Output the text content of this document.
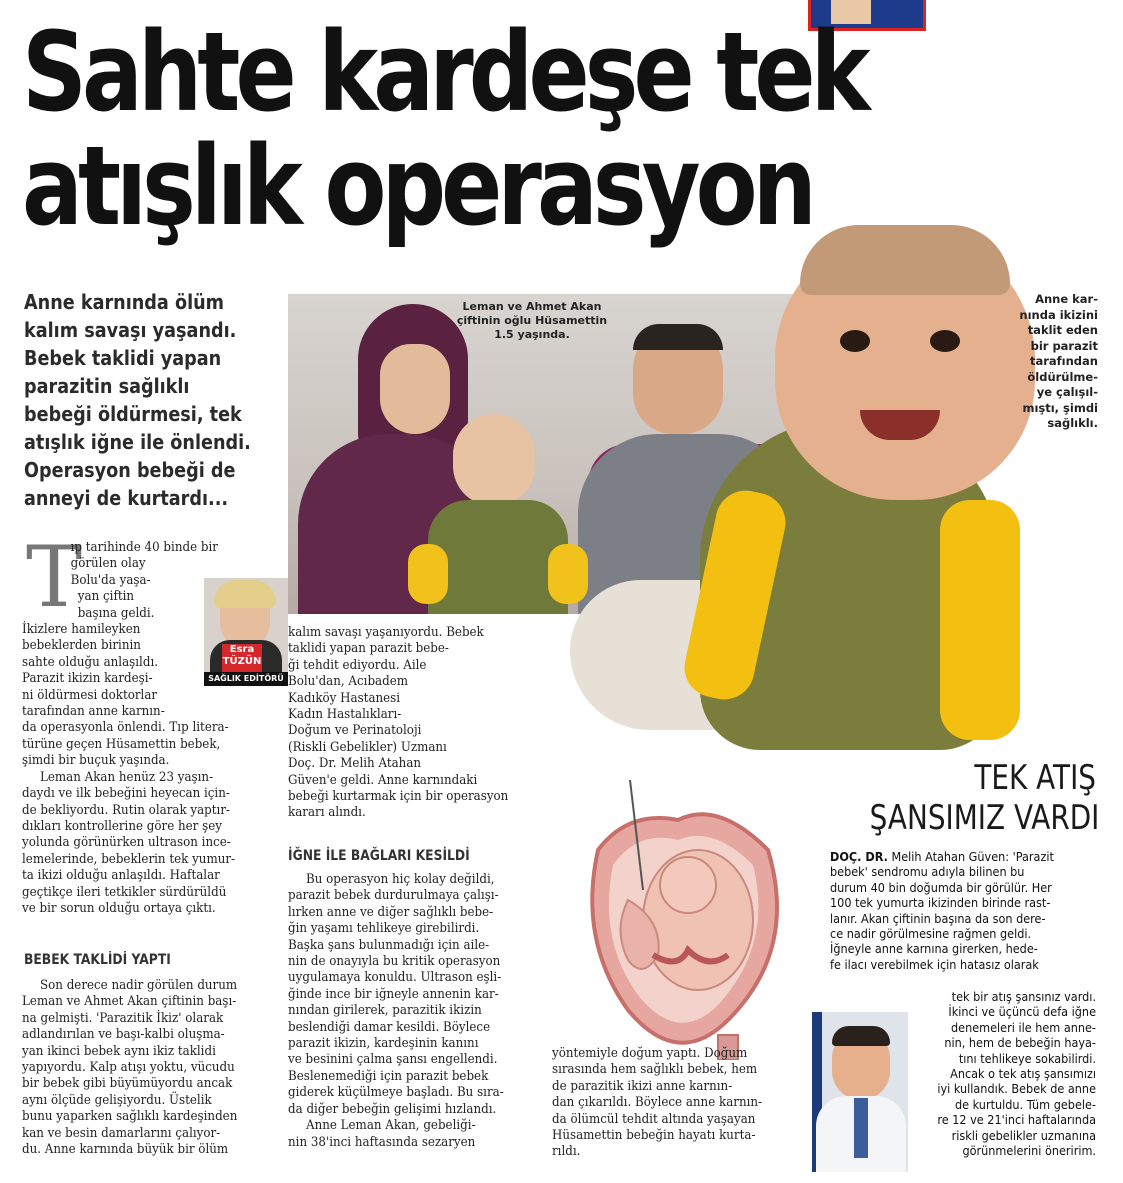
Sahte kardeşe tek
atışlık operasyon
Anne karnında ölüm
kalım savaşı yaşandı.
Bebek taklidi yapan
parazitin sağlıklı
bebeği öldürmesi, tek
atışlık iğne ile önlendi.
Operasyon bebeği de
anneyi de kurtardı...
Leman ve Ahmet Akan
çiftinin oğlu Hüsamettin
1.5 yaşında.
Anne kar-
nında ikizini
taklit eden
bir parazit
tarafından
öldürülme-
ye çalışıl-
mıştı, şimdi
sağlıklı.
Esra
TÜZÜN
SAĞLIK EDİTÖRÜ
T
ıp tarihinde 40 binde bir
görülen olay
Bolu'da yaşa-
yan çiftin
başına geldi.
İkizlere hamileyken
bebeklerden birinin
sahte olduğu anlaşıldı.
Parazit ikizin kardeşi-
ni öldürmesi doktorlar
tarafından anne karnın-
da operasyonla önlendi. Tıp litera-
türüne geçen Hüsamettin bebek,
şimdi bir buçuk yaşında.
Leman Akan henüz 23 yaşın-
daydı ve ilk bebeğini heyecan için-
de bekliyordu. Rutin olarak yaptır-
dıkları kontrollerine göre her şey
yolunda görünürken ultrason ince-
lemelerinde, bebeklerin tek yumur-
ta ikizi olduğu anlaşıldı. Haftalar
geçtikçe ileri tetkikler sürdürüldü
ve bir sorun olduğu ortaya çıktı.
BEBEK TAKLİDİ YAPTI
Son derece nadir görülen durum
Leman ve Ahmet Akan çiftinin başı-
na gelmişti. 'Parazitik İkiz' olarak
adlandırılan ve başı-kalbi oluşma-
yan ikinci bebek aynı ikiz taklidi
yapıyordu. Kalp atışı yoktu, vücudu
bir bebek gibi büyümüyordu ancak
aynı ölçüde gelişiyordu. Üstelik
bunu yaparken sağlıklı kardeşinden
kan ve besin damarlarını çalıyor-
du. Anne karnında büyük bir ölüm
kalım savaşı yaşanıyordu. Bebek
taklidi yapan parazit bebe-
ği tehdit ediyordu. Aile
Bolu'dan, Acıbadem
Kadıköy Hastanesi
Kadın Hastalıkları-
Doğum ve Perinatoloji
(Riskli Gebelikler) Uzmanı
Doç. Dr. Melih Atahan
Güven'e geldi. Anne karnındaki
bebeği kurtarmak için bir operasyon
kararı alındı.
İĞNE İLE BAĞLARI KESİLDİ
Bu operasyon hiç kolay değildi,
parazit bebek durdurulmaya çalışı-
lırken anne ve diğer sağlıklı bebe-
ğin yaşamı tehlikeye girebilirdi.
Başka şans bulunmadığı için aile-
nin de onayıyla bu kritik operasyon
uygulamaya konuldu. Ultrason eşli-
ğinde ince bir iğneyle annenin kar-
nından girilerek, parazitik ikizin
beslendiği damar kesildi. Böylece
parazit ikizin, kardeşinin kanını
ve besinini çalma şansı engellendi.
Beslenemediği için parazit bebek
giderek küçülmeye başladı. Bu sıra-
da diğer bebeğin gelişimi hızlandı.
Anne Leman Akan, gebeliği-
nin 38'inci haftasında sezaryen
yöntemiyle doğum yaptı. Doğum
sırasında hem sağlıklı bebek, hem
de parazitik ikizi anne karnın-
dan çıkarıldı. Böylece anne karnın-
da ölümcül tehdit altında yaşayan
Hüsamettin bebeğin hayatı kurta-
rıldı.
TEK ATIŞ
ŞANSIMIZ VARDI
DOÇ. DR. Melih Atahan Güven: 'Parazit
bebek' sendromu adıyla bilinen bu
durum 40 bin doğumda bir görülür. Her
100 tek yumurta ikizinden birinde rast-
lanır. Akan çiftinin başına da son dere-
ce nadir görülmesine rağmen geldi.
İğneyle anne karnına girerken, hede-
fe ilacı verebilmek için hatasız olarak
tek bir atış şansınız vardı.
İkinci ve üçüncü defa iğne
denemeleri ile hem anne-
nin, hem de bebeğin haya-
tını tehlikeye sokabilirdi.
Ancak o tek atış şansımızı
iyi kullandık. Bebek de anne
de kurtuldu. Tüm gebele-
re 12 ve 21'inci haftalarında
riskli gebelikler uzmanına
görünmelerini öneririm.
